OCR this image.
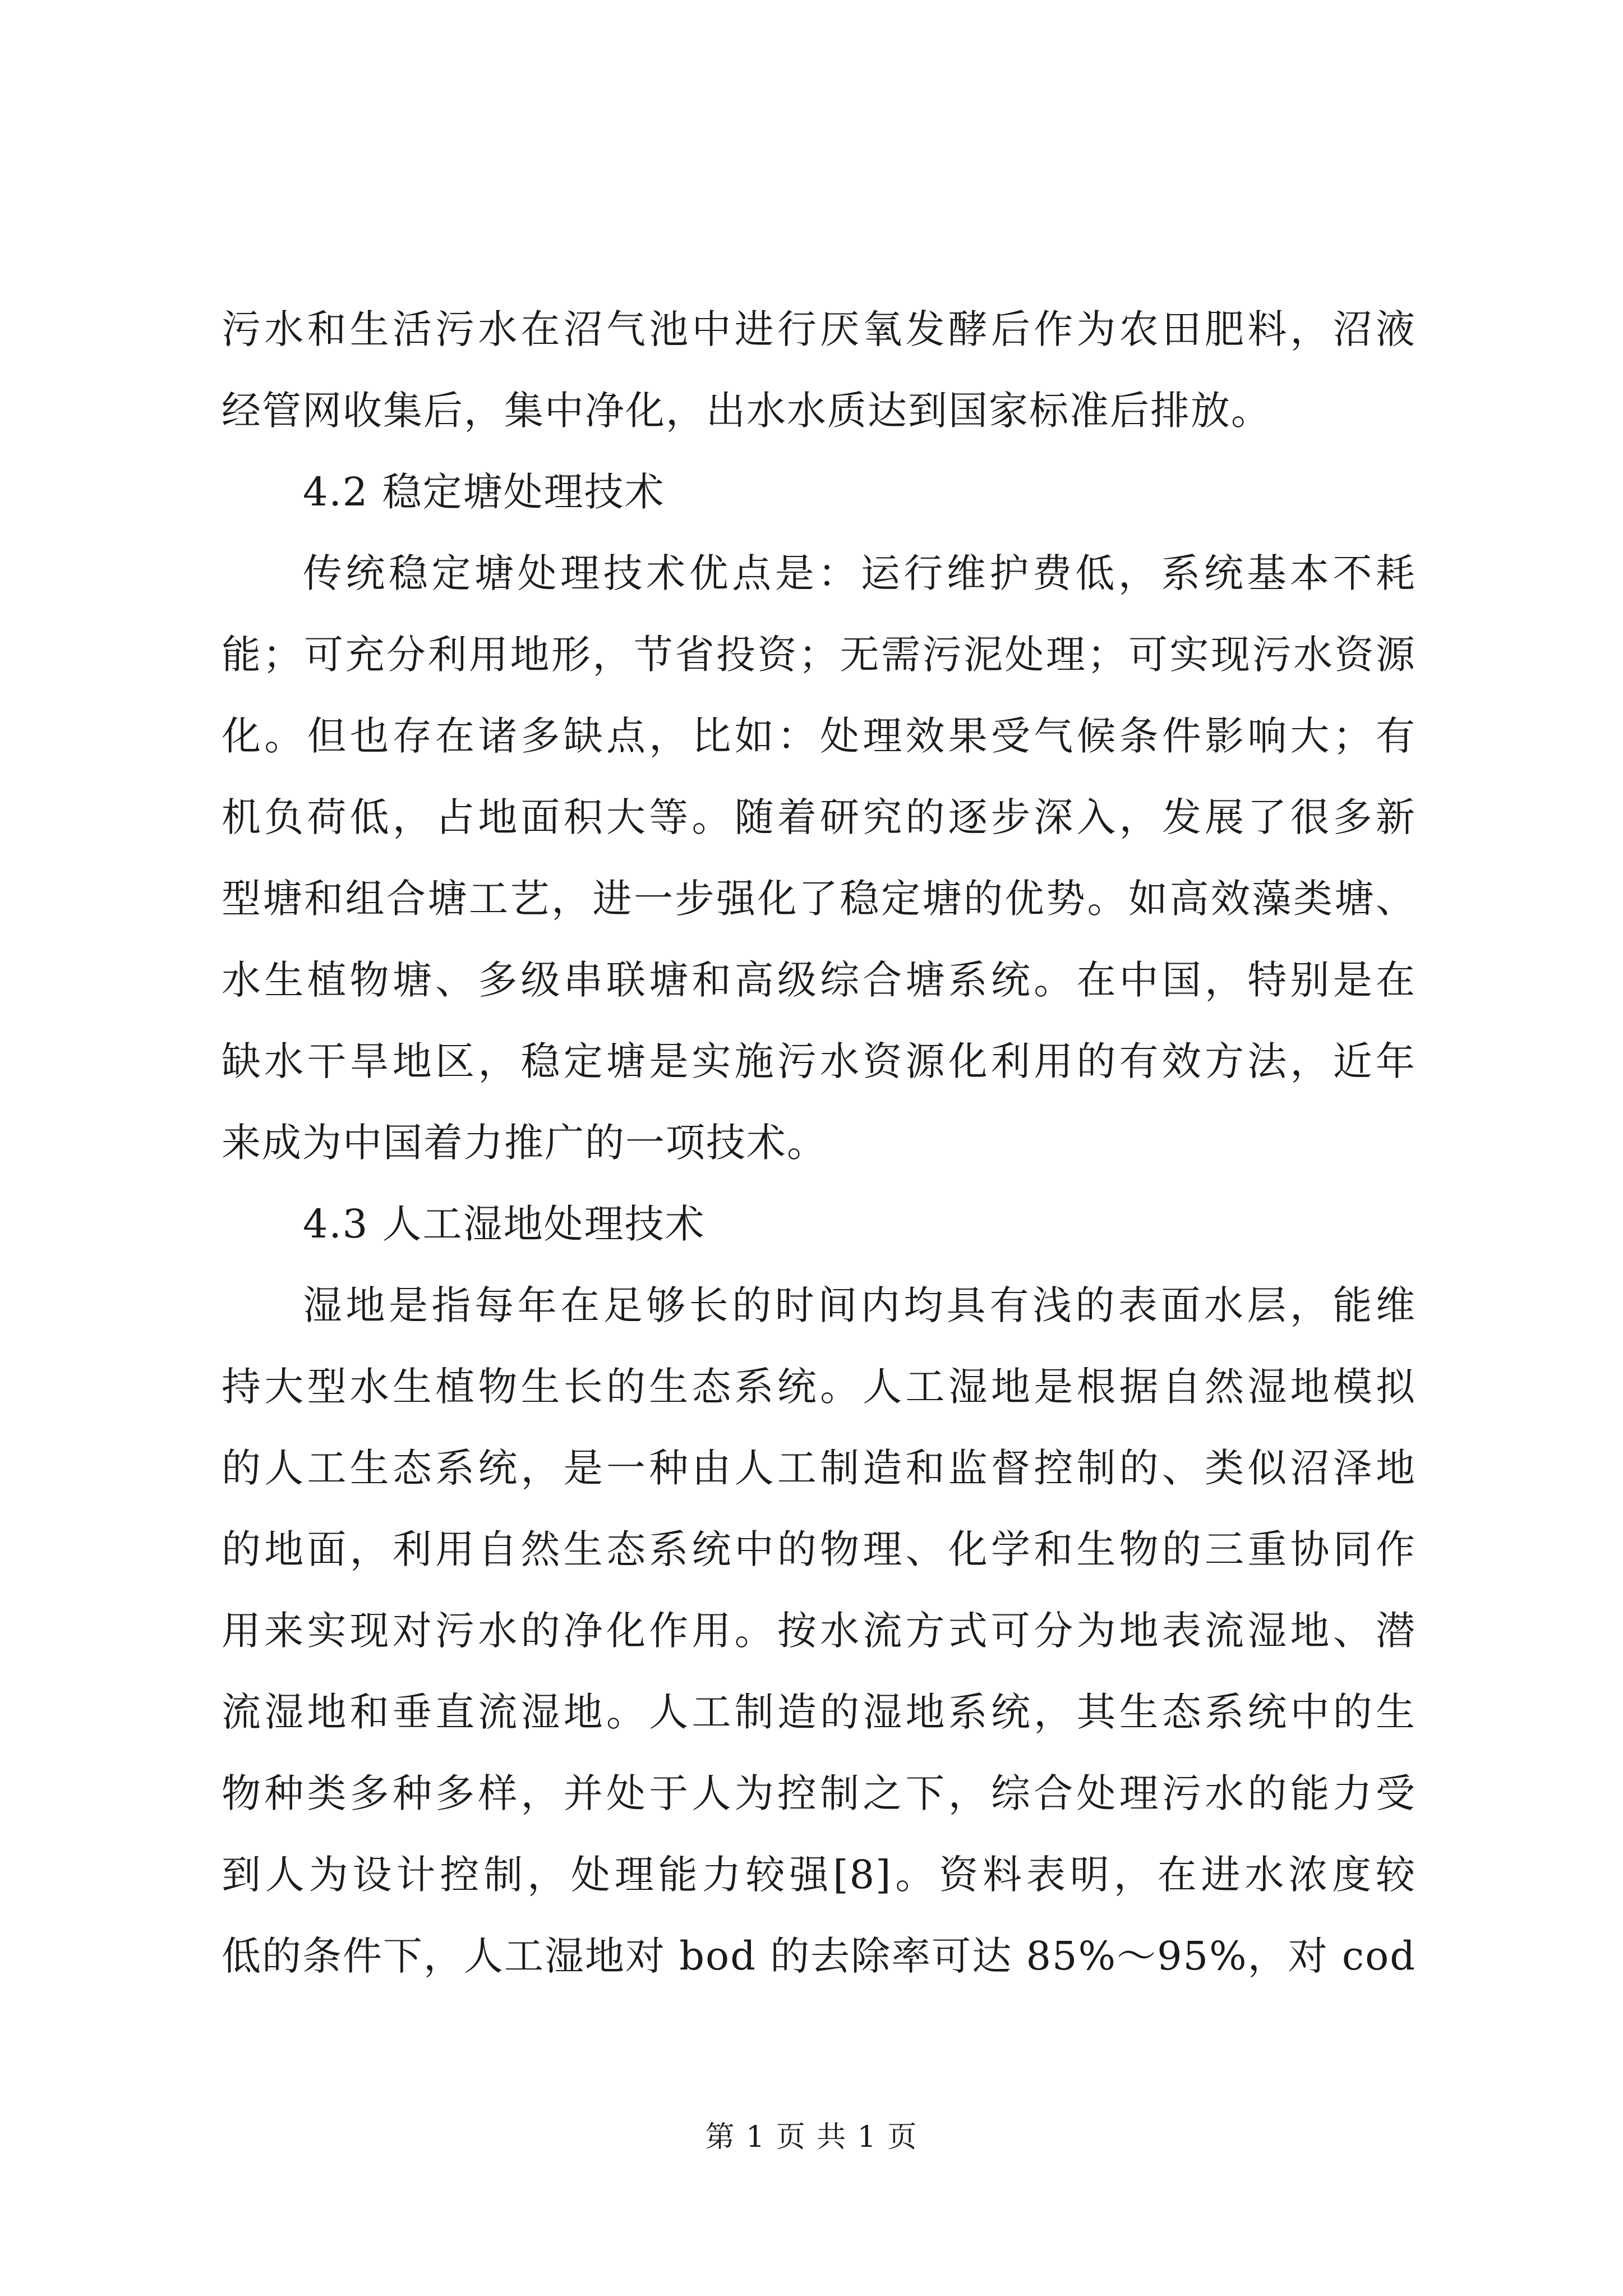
污水和生活污水在沼气池中进行厌氧发酵后作为农田肥料，沼液
经管网收集后，集中净化，出水水质达到国家标准后排放。
4.2 稳定塘处理技术
传统稳定塘处理技术优点是：运行维护费低，系统基本不耗
能；可充分利用地形，节省投资；无需污泥处理；可实现污水资源
化。但也存在诸多缺点，比如：处理效果受气候条件影响大；有
机负荷低，占地面积大等。随着研究的逐步深入，发展了很多新
型塘和组合塘工艺，进一步强化了稳定塘的优势。如高效藻类塘、
水生植物塘、多级串联塘和高级综合塘系统。在中国，特别是在
缺水干旱地区，稳定塘是实施污水资源化利用的有效方法，近年
来成为中国着力推广的一项技术。
4.3 人工湿地处理技术
湿地是指每年在足够长的时间内均具有浅的表面水层，能维
持大型水生植物生长的生态系统。人工湿地是根据自然湿地模拟
的人工生态系统，是一种由人工制造和监督控制的、类似沼泽地
的地面，利用自然生态系统中的物理、化学和生物的三重协同作
用来实现对污水的净化作用。按水流方式可分为地表流湿地、潜
流湿地和垂直流湿地。人工制造的湿地系统，其生态系统中的生
物种类多种多样，并处于人为控制之下，综合处理污水的能力受
到人为设计控制，处理能力较强[8]。资料表明，在进水浓度较
低的条件下，人工湿地对 bod 的去除率可达 85%～95%，对 cod
第 1 页 共 1 页
